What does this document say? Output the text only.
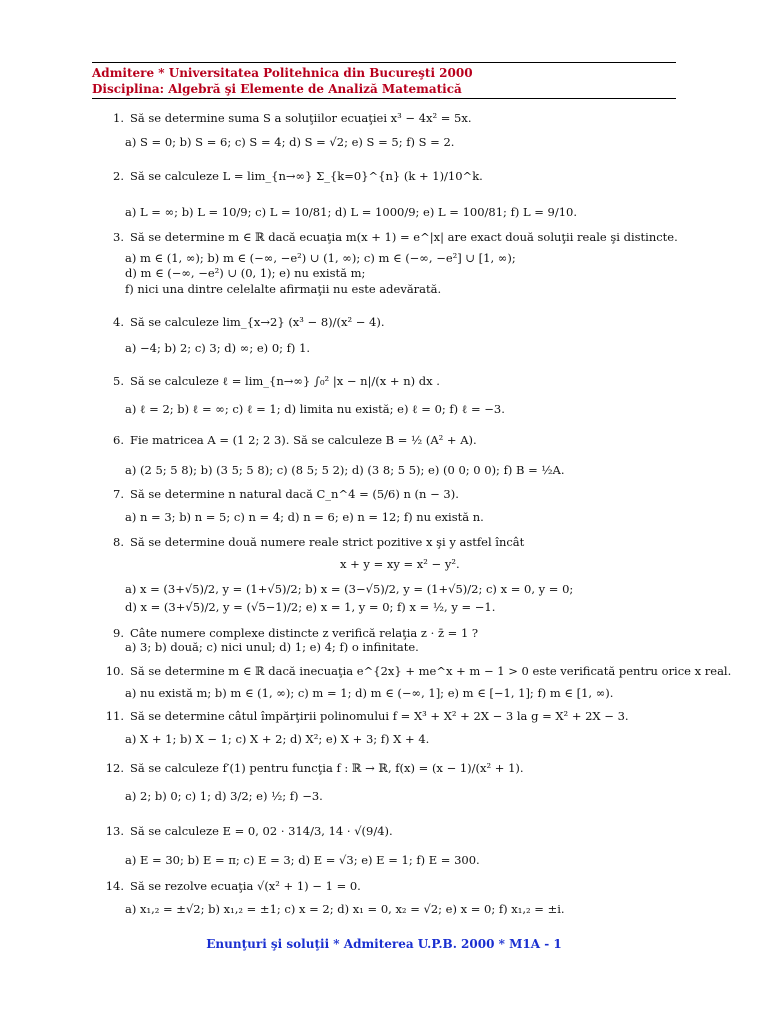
Admitere * Universitatea Politehnica din Bucureşti 2000
Disciplina: Algebră şi Elemente de Analiză Matematică
1. Să se determine suma S a soluţiilor ecuaţiei x³ − 4x² = 5x.
a) S = 0; b) S = 6; c) S = 4; d) S = √2; e) S = 5; f) S = 2.
2. Să se calculeze L = lim_{n→∞} Σ_{k=0}^{n} (k + 1)/10^k.
a) L = ∞; b) L = 10/9; c) L = 10/81; d) L = 1000/9; e) L = 100/81; f) L = 9/10.
3. Să se determine m ∈ ℝ dacă ecuaţia m(x + 1) = e^|x| are exact două soluţii reale şi distincte.
a) m ∈ (1, ∞); b) m ∈ (−∞, −e²) ∪ (1, ∞); c) m ∈ (−∞, −e²] ∪ [1, ∞);
d) m ∈ (−∞, −e²) ∪ (0, 1); e) nu există m;
f) nici una dintre celelalte afirmaţii nu este adevărată.
4. Să se calculeze lim_{x→2} (x³ − 8)/(x² − 4).
a) −4; b) 2; c) 3; d) ∞; e) 0; f) 1.
5. Să se calculeze ℓ = lim_{n→∞} ∫₀² |x − n|/(x + n) dx .
a) ℓ = 2; b) ℓ = ∞; c) ℓ = 1; d) limita nu există; e) ℓ = 0; f) ℓ = −3.
6. Fie matricea A = (1 2; 2 3). Să se calculeze B = ½ (A² + A).
a) (2 5; 5 8); b) (3 5; 5 8); c) (8 5; 5 2); d) (3 8; 5 5); e) (0 0; 0 0); f) B = ½A.
7. Să se determine n natural dacă C_n^4 = (5/6) n (n − 3).
a) n = 3; b) n = 5; c) n = 4; d) n = 6; e) n = 12; f) nu există n.
8. Să se determine două numere reale strict pozitive x şi y astfel încât
x + y = xy = x² − y².
a) x = (3+√5)/2, y = (1+√5)/2; b) x = (3−√5)/2, y = (1+√5)/2; c) x = 0, y = 0;
d) x = (3+√5)/2, y = (√5−1)/2; e) x = 1, y = 0; f) x = ½, y = −1.
9. Câte numere complexe distincte z verifică relaţia z · z̄ = 1 ?
a) 3; b) două; c) nici unul; d) 1; e) 4; f) o infinitate.
10. Să se determine m ∈ ℝ dacă inecuaţia e^{2x} + me^x + m − 1 > 0 este verificată pentru orice x real.
a) nu există m; b) m ∈ (1, ∞); c) m = 1; d) m ∈ (−∞, 1]; e) m ∈ [−1, 1]; f) m ∈ [1, ∞).
11. Să se determine câtul împărţirii polinomului f = X³ + X² + 2X − 3 la g = X² + 2X − 3.
a) X + 1; b) X − 1; c) X + 2; d) X²; e) X + 3; f) X + 4.
12. Să se calculeze f′(1) pentru funcţia f : ℝ → ℝ, f(x) = (x − 1)/(x² + 1).
a) 2; b) 0; c) 1; d) 3/2; e) ½; f) −3.
13. Să se calculeze E = 0, 02 · 314/3, 14 · √(9/4).
a) E = 30; b) E = π; c) E = 3; d) E = √3; e) E = 1; f) E = 300.
14. Să se rezolve ecuaţia √(x² + 1) − 1 = 0.
a) x₁,₂ = ±√2; b) x₁,₂ = ±1; c) x = 2; d) x₁ = 0, x₂ = √2; e) x = 0; f) x₁,₂ = ±i.
Enunţuri şi soluţii * Admiterea U.P.B. 2000 * M1A - 1
